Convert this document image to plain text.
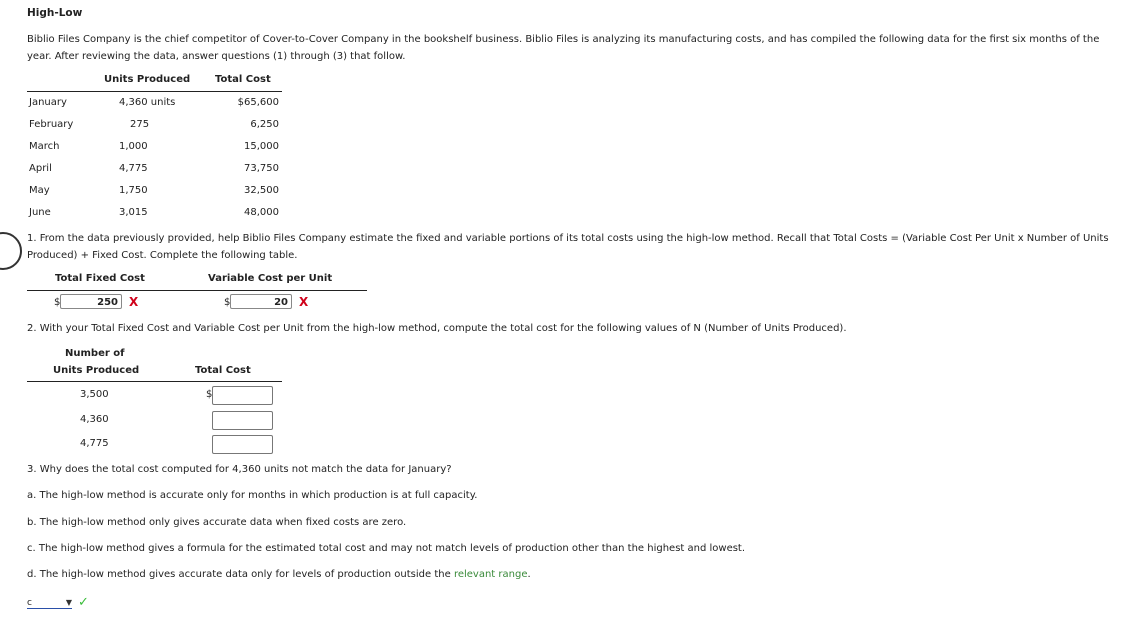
High-Low
Biblio Files Company is the chief competitor of Cover-to-Cover Company in the bookshelf business. Biblio Files is analyzing its manufacturing costs, and has compiled the following data for the first six months of the year. After reviewing the data, answer questions (1) through (3) that follow.
Units Produced Total Cost
January	4,360 units	$65,600
February	275	6,250
March	1,000	15,000
April	4,775	73,750
May	1,750	32,500
June	3,015	48,000
1. From the data previously provided, help Biblio Files Company estimate the fixed and variable portions of its total costs using the high-low method. Recall that Total Costs = (Variable Cost Per Unit x Number of Units Produced) + Fixed Cost. Complete the following table.
Total Fixed Cost	Variable Cost per Unit
$	250 X	$	20 X
2. With your Total Fixed Cost and Variable Cost per Unit from the high-low method, compute the total cost for the following values of N (Number of Units Produced).
Number of
Units Produced	Total Cost
3,500	$
4,360
4,775
3. Why does the total cost computed for 4,360 units not match the data for January?
a. The high-low method is accurate only for months in which production is at full capacity.
b. The high-low method only gives accurate data when fixed costs are zero.
c. The high-low method gives a formula for the estimated total cost and may not match levels of production other than the highest and lowest.
d. The high-low method gives accurate data only for levels of production outside the relevant range.
c	▼ ✓
